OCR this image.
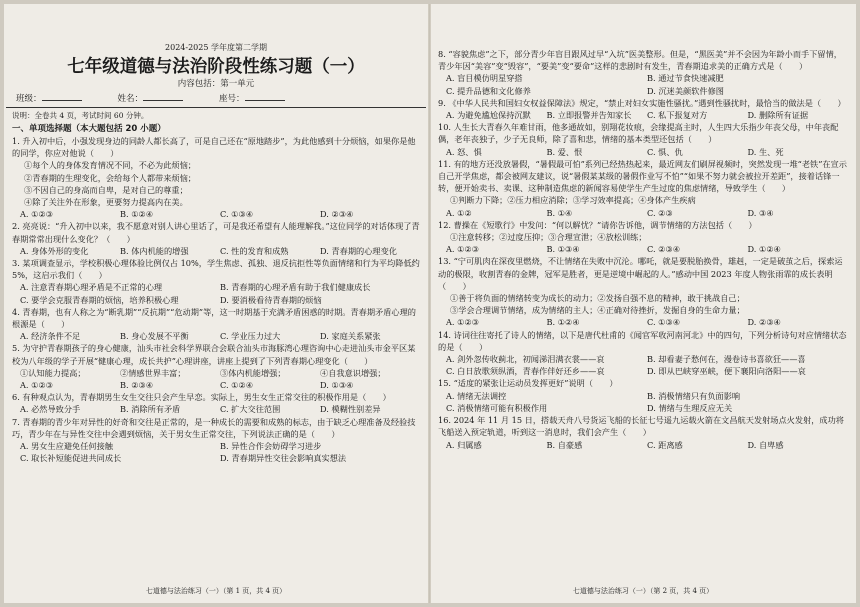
2024-2025 学年度第二学期
七年级道德与法治阶段性练习题（一）
内容包括：第一单元
班级：	姓名：	座号：
说明：全卷共 4 页，考试时间 60 分钟。
一、单项选择题（本大题包括 20 小题）
1. 升入初中后，小强发现身边的同龄人都长高了，可是自己还在“原地踏步”，为此他感到十分烦恼，如果你是他的同学，你应对他说（　　）
①每个人的身体发育情况不同，不必为此烦恼；
②青春期的生理变化，会给每个人都带来烦恼；
③不因自己的身高而自卑，是对自己的尊重；
④除了关注外在形象，更要努力提高内在美。
A. ①②③	B. ①②④	C. ①③④	D. ②③④
2. 亮亮说：“升入初中以来，我不愿意对别人讲心里话了，可是我还希望有人能理解我。”这位同学的对话体现了青春期常常出现什么变化？（　　）
A. 身体外形的变化	B. 体内机能的增强	C. 性的发育和成熟	D. 青春期的心理变化
3. 某项调查显示，学校积极心理体验比例仅占 10%，学生焦虑、孤独、退反抗拒性等负面情绪和行为平均降低约 5%，这启示我们（　　）
A. 注意青春期心理矛盾是不正常的心理	B. 青春期的心理矛盾有助于我们健康成长
C. 要学会克服青春期的烦恼，培养积极心理	D. 要消极看待青春期的烦恼
4. 青春期，也有人称之为“断乳期”“反抗期”“危动期”等，这一时期基于充满矛盾困惑的时期。青春期矛盾心理的根源是（　　）
A. 经济条件不足	B. 身心发展不平衡	C. 学业压力过大	D. 家庭关系紧张
5. 为守护青春期孩子的身心健康，汕头市社会科学界联合会联合汕头市海豚湾心理咨询中心走进汕头市金平区某校为八年级的学子开展“健康心理，成长共护”心理讲座，讲座上提到了下列青春期心理变化（　　）
①认知能力提高；	②情感世界丰富；	③体内机能增强；	④自我意识增强；
A. ①②③	B. ②③④	C. ①②④	D. ①③④
6. 有种观点认为，青春期男生女生交往只会产生早恋。实际上，男生女生正常交往的积极作用是（　　）
A. 必然导致分手	B. 消除所有矛盾	C. 扩大交往范围	D. 模糊性别差异
7. 青春期的青少年对异性的好奇和交往是正常的，是一种成长的需要和成熟的标志，由于缺乏心理准备及经验技巧，青少年在与异性交往中会遇到烦恼，关于男女生正常交往，下列说法正确的是（　　）
A. 男女生应避免任何接触	B. 异性合作会妨碍学习进步
C. 取长补短能促进共同成长	D. 青春期异性交往会影响真实想法
七道德与法治练习（一）（第 1 页，共 4 页）
8. “容貌焦虑”之下，部分青少年盲目跟风过早“入坑”医美整形。但是，“黑医美”并不会因为年龄小而手下留情，青少年因“美容”变“毁容”，“要美”变“要命”这样的悲剧时有发生，青春期追求美的正确方式是（　　）
A. 盲目模仿明星穿搭	B. 通过节食快速减肥
C. 提升品德和文化修养	D. 沉迷美颜软件修图
9. 《中华人民共和国妇女权益保障法》规定，“禁止对妇女实施性骚扰。”遇到性骚扰时，最恰当的做法是（　　）
A. 为避免尴尬保持沉默	B. 立即报警并告知家长	C. 私下报复对方	D. 删除所有证据
10. 人生长大青春久年难甘雨，他多通故如，别翔花妆痕，会缘提高主时，人生四大乐指少年丧父母，中年丧配偶，老年丧独子，少子无良师，除了喜和悲，情绪的基本类型还包括（　　）
A. 怒、惧	B. 爱、恨	C. 惧、仇	D. 生、死
11. 有的地方还没放暑假，“暑假最可怕”系列已经热热起来，最近网友们刷屏视频时，突然发现一堆“老铁”在宣示自己开学焦虑，都会被网友建议，说“暑假某某级的暑假作业写不怕”“如果不努力就会被拉开差距”，接着话锋一转，便开始卖书、卖课、这种制造焦虑的新闻容易使学生产生过度的焦虑情绪，导致学生（　　）
①判断力下降；②压力相应消除；③学习效率提高；④身体产生疾病
A. ①②	B. ①④	C. ②③	D. ③④
12. 曹操在《短歌行》中发问：“何以解忧？”请你告诉他，调节情绪的方法包括（　　）
①注意转移；②过度压抑；③合理宣泄；④放松训练；
A. ①②③	B. ①③④	C. ②③④	D. ①②④
13. “宁可肌肉在深夜里燃烧，不让情绪在失败中沉沦。哪吒，就是要脱胎换骨，雄赳，一定是破茧之后，探索运动的极限，收割青春的金牌，冠军是胜者，更是逆境中崛起的人。”感动中国 2023 年度人物张雨霏的成长表明（　　）
①善于将负面的情绪转变为成长的动力；②发扬自强不息的精神，敢于挑战自己；
③学会合理调节情绪，成为情绪的主人；④正确对待挫折，发掘自身的生命力量；
A. ①②③	B. ①②④	C. ①③④	D. ②③④
14. 诗词往往寄托了诗人的情绪，以下是唐代杜甫的《闻官军收河南河北》中的四句，下列分析诗句对应情绪状态的是（　　）
A. 剑外忽传收蓟北，初闻涕泪满衣裳——哀	B. 却看妻子愁何在，漫卷诗书喜欲狂——喜
C. 白日放歌须纵酒，青春作伴好还乡——哀	D. 即从巴峡穿巫峡，便下襄阳向洛阳——哀
15. “适度的紧张让运动员发挥更好”说明（　　）
A. 情绪无法调控	B. 消极情绪只有负面影响
C. 消极情绪可能有积极作用	D. 情绪与生理反应无关
16. 2024 年 11 月 15 日，搭载天舟八号货运飞船的长征七号遥九运载火箭在文昌航天发射场点火发射，成功将飞船送入预定轨道，听到这一消息时，我们会产生（　　）
A. 归属感	B. 自豪感	C. 距离感	D. 自卑感
七道德与法治练习（一）（第 2 页，共 4 页）
